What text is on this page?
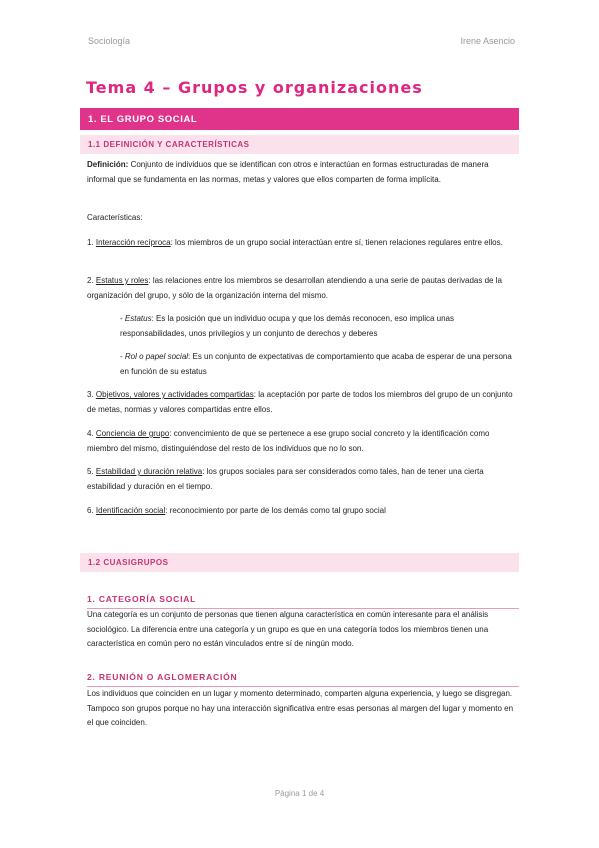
Sociología	Irene Asencio
Tema 4 – Grupos y organizaciones
1. EL GRUPO SOCIAL
1.1 DEFINICIÓN Y CARACTERÍSTICAS
Definición: Conjunto de individuos que se identifican con otros e interactúan en formas estructuradas de manera informal que se fundamenta en las normas, metas y valores que ellos comparten de forma implícita.
Características:
1. Interacción recíproca: los miembros de un grupo social interactúan entre sí, tienen relaciones regulares entre ellos.
2. Estatus y roles: las relaciones entre los miembros se desarrollan atendiendo a una serie de pautas derivadas de la organización del grupo, y sólo de la organización interna del mismo.
- Estatus: Es la posición que un individuo ocupa y que los demás reconocen, eso implica unas responsabilidades, unos privilegios y un conjunto de derechos y deberes
- Rol o papel social: Es un conjunto de expectativas de comportamiento que acaba de esperar de una persona en función de su estatus
3. Objetivos, valores y actividades compartidas: la aceptación por parte de todos los miembros del grupo de un conjunto de metas, normas y valores compartidas entre ellos.
4. Conciencia de grupo: convencimiento de que se pertenece a ese grupo social concreto y la identificación como miembro del mismo, distinguiéndose del resto de los individuos que no lo son.
5. Estabilidad y duración relativa: los grupos sociales para ser considerados como tales, han de tener una cierta estabilidad y duración en el tiempo.
6. Identificación social: reconocimiento por parte de los demás como tal grupo social
1.2 CUASIGRUPOS
1. CATEGORÍA SOCIAL
Una categoría es un conjunto de personas que tienen alguna característica en común interesante para el análisis sociológico. La diferencia entre una categoría y un grupo es que en una categoría todos los miembros tienen una característica en común pero no están vinculados entre sí de ningún modo.
2. REUNIÓN O AGLOMERACIÓN
Los individuos que coinciden en un lugar y momento determinado, comparten alguna experiencia, y luego se disgregan. Tampoco son grupos porque no hay una interacción significativa entre esas personas al margen del lugar y momento en el que coinciden.
Página 1 de 4
